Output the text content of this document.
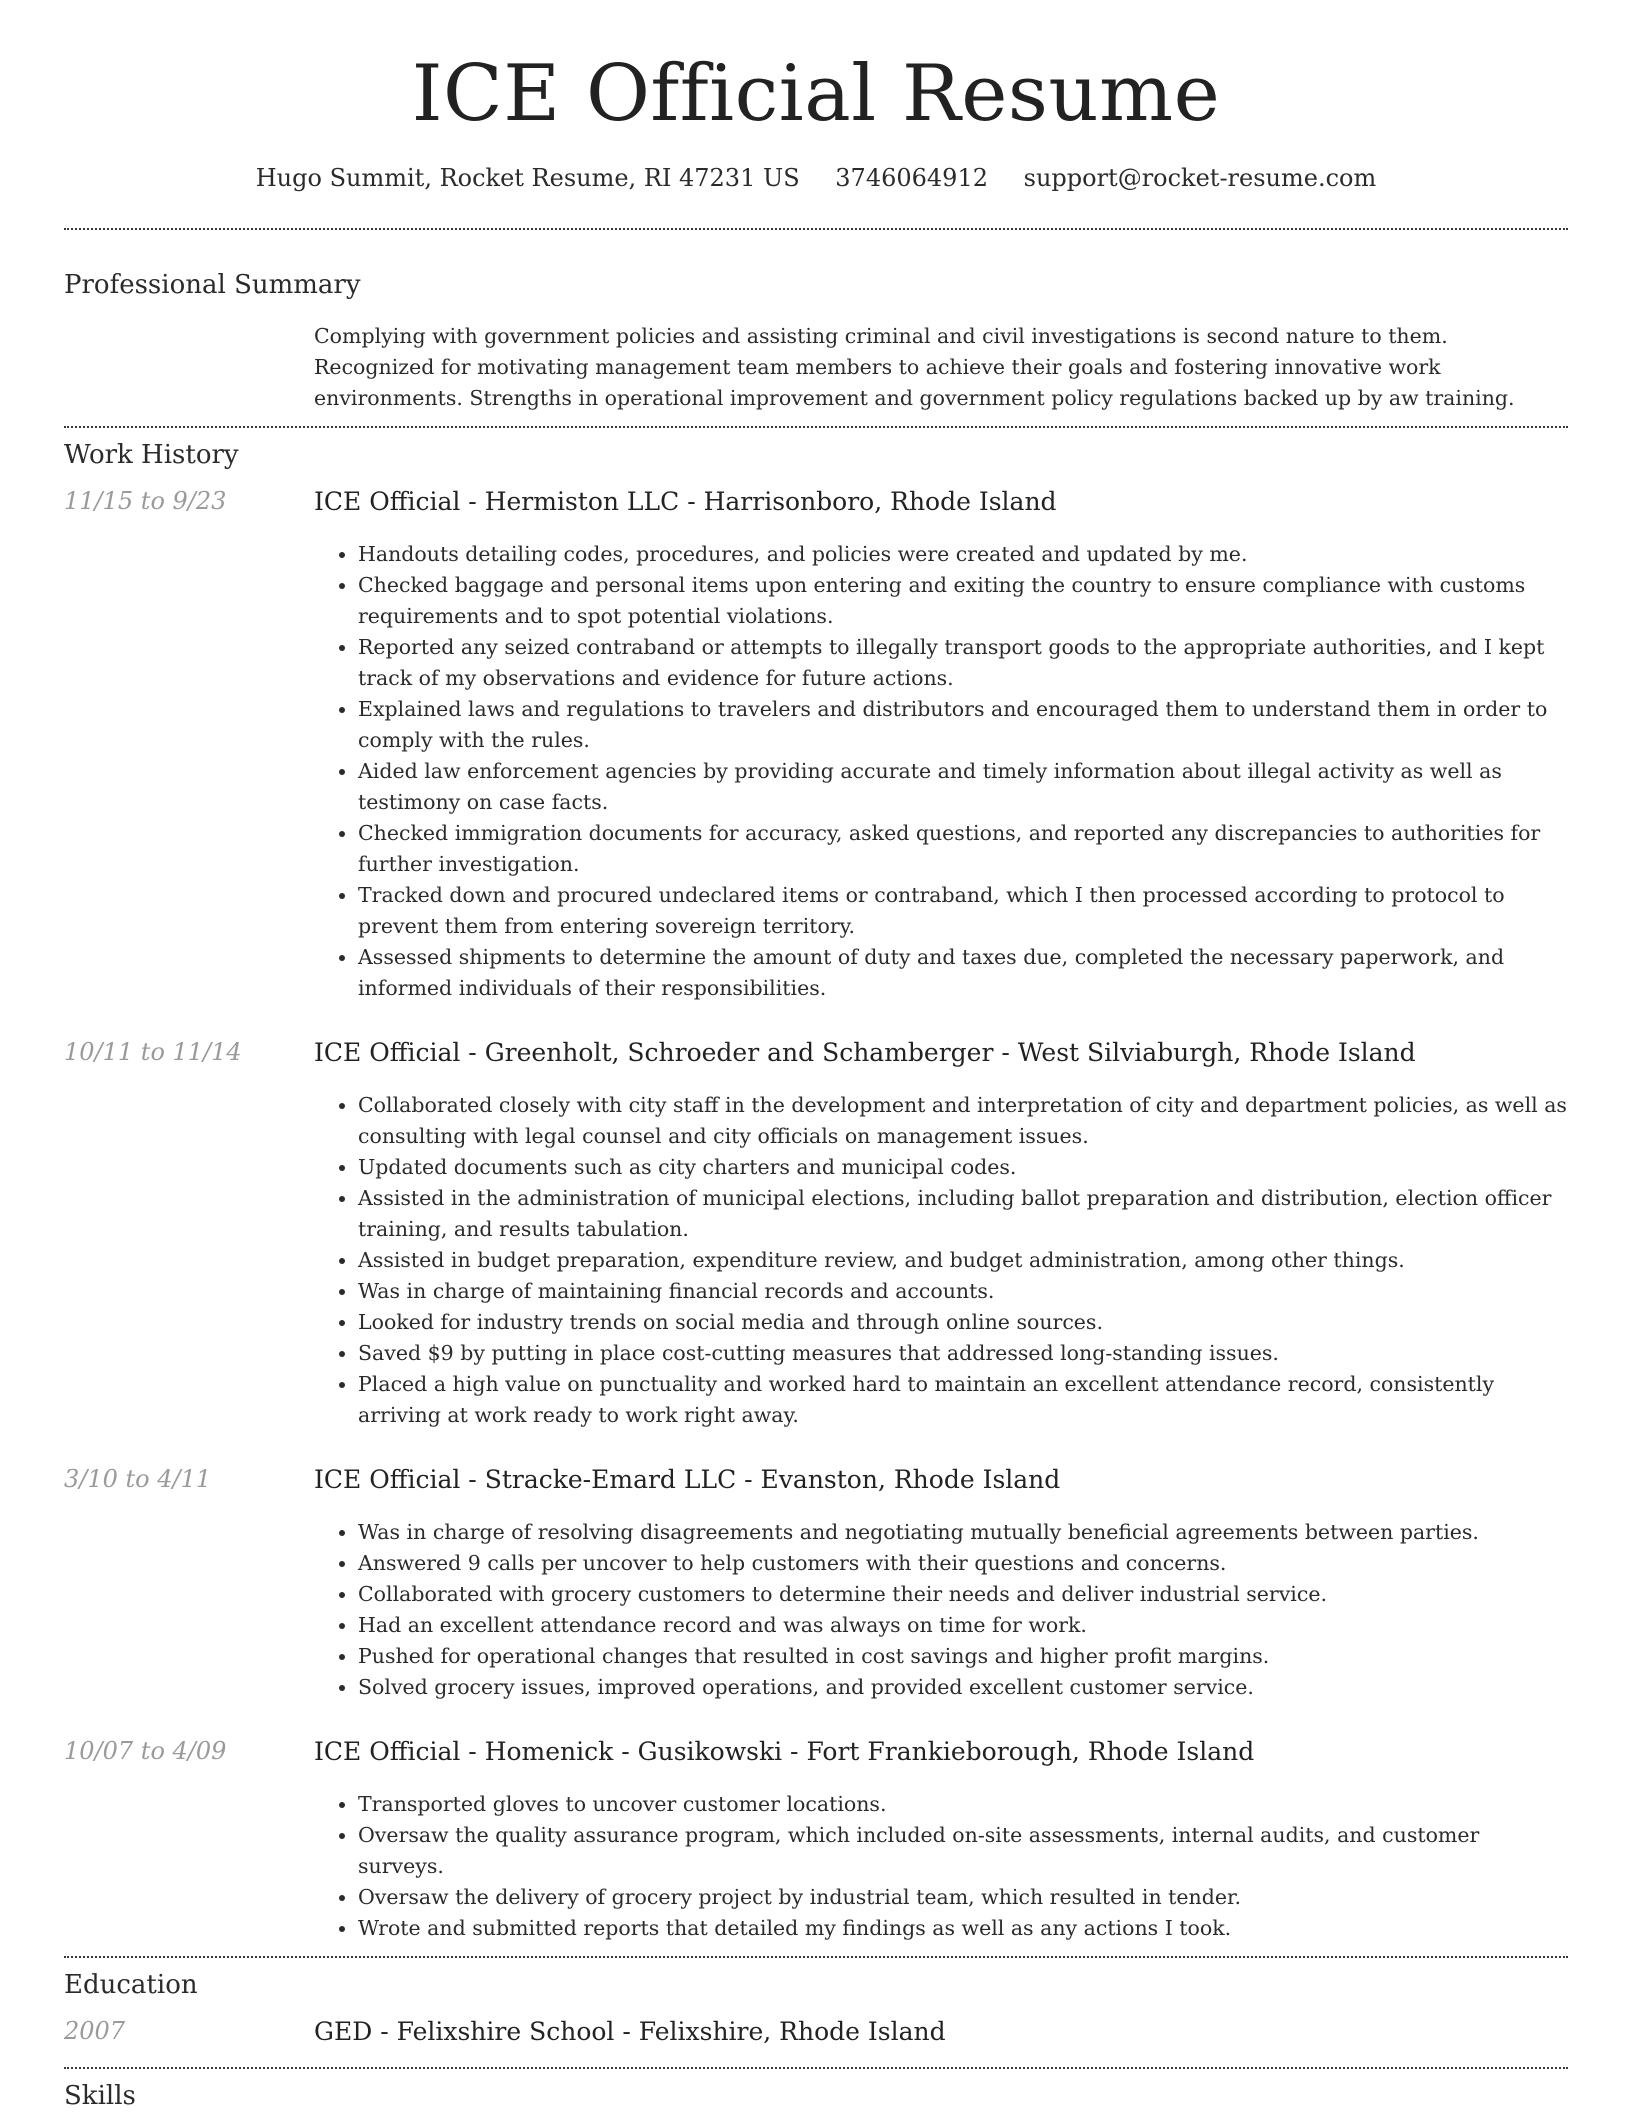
ICE Official Resume
Hugo Summit, Rocket Resume, RI 47231 US 3746064912 support@rocket-resume.com
Professional Summary

Complying with government policies and assisting criminal and civil investigations is second nature to them. Recognized for motivating management team members to achieve their goals and fostering innovative work environments. Strengths in operational improvement and government policy regulations backed up by aw training.

Work History
11/15 to 9/23	ICE Official - Hermiston LLC - Harrisonboro, Rhode Island
• Handouts detailing codes, procedures, and policies were created and updated by me.
• Checked baggage and personal items upon entering and exiting the country to ensure compliance with customs requirements and to spot potential violations.
• Reported any seized contraband or attempts to illegally transport goods to the appropriate authorities, and I kept track of my observations and evidence for future actions.
• Explained laws and regulations to travelers and distributors and encouraged them to understand them in order to comply with the rules.
• Aided law enforcement agencies by providing accurate and timely information about illegal activity as well as testimony on case facts.
• Checked immigration documents for accuracy, asked questions, and reported any discrepancies to authorities for further investigation.
• Tracked down and procured undeclared items or contraband, which I then processed according to protocol to prevent them from entering sovereign territory.
• Assessed shipments to determine the amount of duty and taxes due, completed the necessary paperwork, and informed individuals of their responsibilities.
10/11 to 11/14	ICE Official - Greenholt, Schroeder and Schamberger - West Silviaburgh, Rhode Island
• Collaborated closely with city staff in the development and interpretation of city and department policies, as well as consulting with legal counsel and city officials on management issues.
• Updated documents such as city charters and municipal codes.
• Assisted in the administration of municipal elections, including ballot preparation and distribution, election officer training, and results tabulation.
• Assisted in budget preparation, expenditure review, and budget administration, among other things.
• Was in charge of maintaining financial records and accounts.
• Looked for industry trends on social media and through online sources.
• Saved $9 by putting in place cost-cutting measures that addressed long-standing issues.
• Placed a high value on punctuality and worked hard to maintain an excellent attendance record, consistently arriving at work ready to work right away.
3/10 to 4/11	ICE Official - Stracke-Emard LLC - Evanston, Rhode Island
• Was in charge of resolving disagreements and negotiating mutually beneficial agreements between parties.
• Answered 9 calls per uncover to help customers with their questions and concerns.
• Collaborated with grocery customers to determine their needs and deliver industrial service.
• Had an excellent attendance record and was always on time for work.
• Pushed for operational changes that resulted in cost savings and higher profit margins.
• Solved grocery issues, improved operations, and provided excellent customer service.
10/07 to 4/09	ICE Official - Homenick - Gusikowski - Fort Frankieborough, Rhode Island
• Transported gloves to uncover customer locations.
• Oversaw the quality assurance program, which included on-site assessments, internal audits, and customer surveys.
• Oversaw the delivery of grocery project by industrial team, which resulted in tender.
• Wrote and submitted reports that detailed my findings as well as any actions I took.
Education
2007	GED - Felixshire School - Felixshire, Rhode Island
Skills
